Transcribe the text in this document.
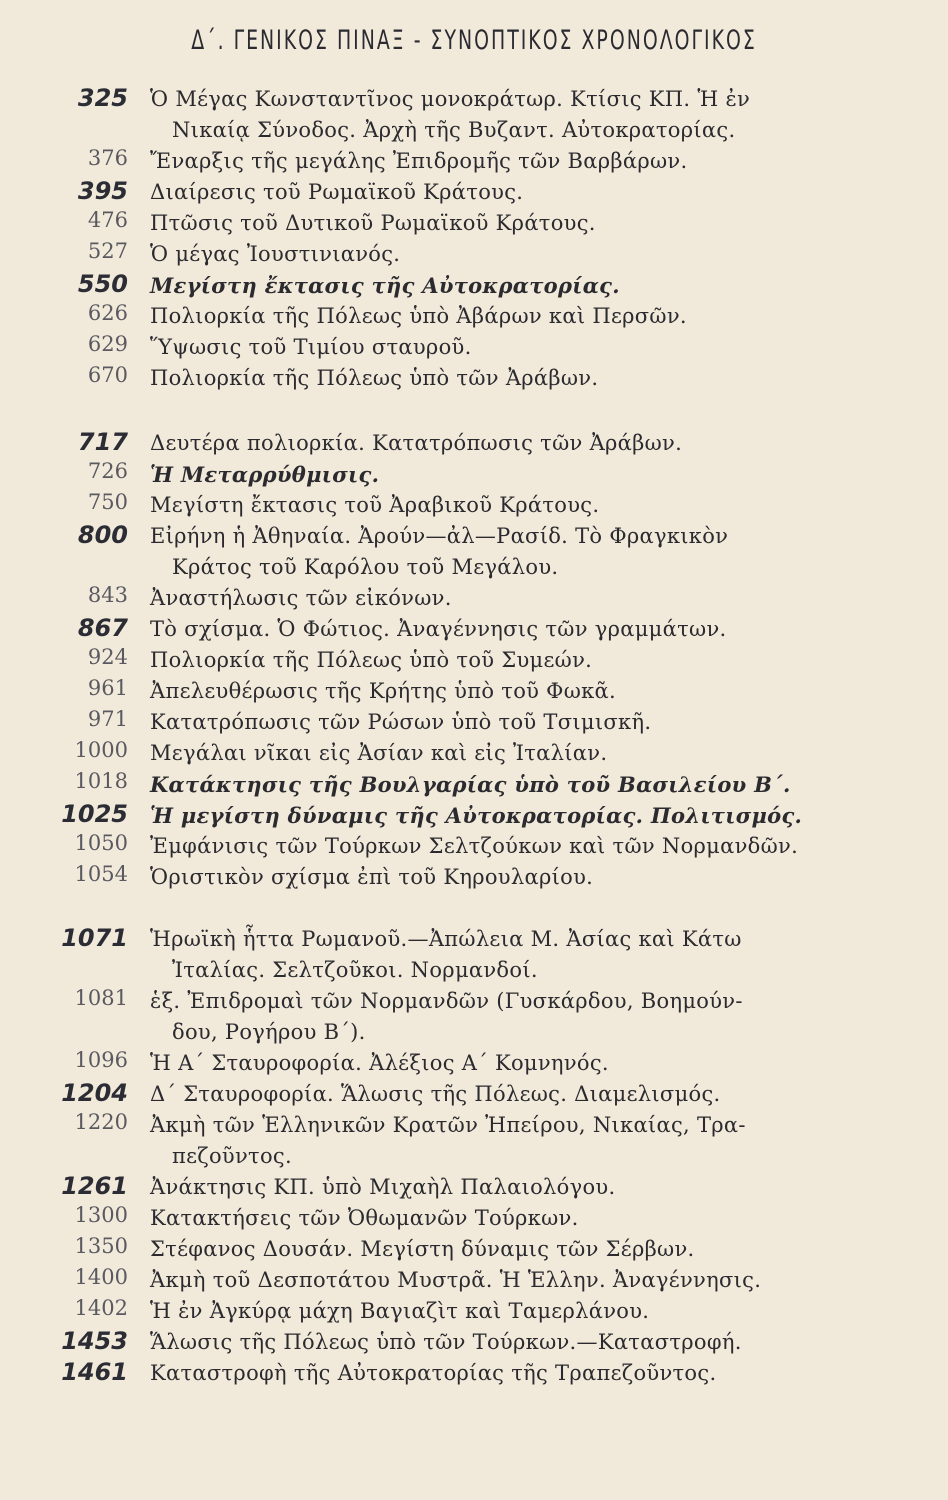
Δ΄. ΓΕΝΙΚΟΣ ΠΙΝΑΞ - ΣΥΝΟΠΤΙΚΟΣ ΧΡΟΝΟΛΟΓΙΚΟΣ
325 Ὁ Μέγας Κωνσταντῖνος μονοκράτωρ. Κτίσις ΚΠ. Ἡ ἐν
Νικαίᾳ Σύνοδος. Ἀρχὴ τῆς Βυζαντ. Αὐτοκρατορίας.
376 Ἔναρξις τῆς μεγάλης Ἐπιδρομῆς τῶν Βαρβάρων.
395 Διαίρεσις τοῦ Ρωμαϊκοῦ Κράτους.
476 Πτῶσις τοῦ Δυτικοῦ Ρωμαϊκοῦ Κράτους.
527 Ὁ μέγας Ἰουστινιανός.
550 Μεγίστη ἔκτασις τῆς Αὐτοκρατορίας.
626 Πολιορκία τῆς Πόλεως ὑπὸ Ἀβάρων καὶ Περσῶν.
629 Ὕψωσις τοῦ Τιμίου σταυροῦ.
670 Πολιορκία τῆς Πόλεως ὑπὸ τῶν Ἀράβων.
717 Δευτέρα πολιορκία. Κατατρόπωσις τῶν Ἀράβων.
726 Ἡ Μεταρρύθμισις.
750 Μεγίστη ἔκτασις τοῦ Ἀραβικοῦ Κράτους.
800 Εἰρήνη ἡ Ἀθηναία. Ἀρούν—ἀλ—Ρασίδ. Τὸ Φραγκικὸν
Κράτος τοῦ Καρόλου τοῦ Μεγάλου.
843 Ἀναστήλωσις τῶν εἰκόνων.
867 Τὸ σχίσμα. Ὁ Φώτιος. Ἀναγέννησις τῶν γραμμάτων.
924 Πολιορκία τῆς Πόλεως ὑπὸ τοῦ Συμεών.
961 Ἀπελευθέρωσις τῆς Κρήτης ὑπὸ τοῦ Φωκᾶ.
971 Κατατρόπωσις τῶν Ρώσων ὑπὸ τοῦ Τσιμισκῆ.
1000 Μεγάλαι νῖκαι εἰς Ἀσίαν καὶ εἰς Ἰταλίαν.
1018 Κατάκτησις τῆς Βουλγαρίας ὑπὸ τοῦ Βασιλείου Β΄.
1025 Ἡ μεγίστη δύναμις τῆς Αὐτοκρατορίας. Πολιτισμός.
1050 Ἐμφάνισις τῶν Τούρκων Σελτζούκων καὶ τῶν Νορμανδῶν.
1054 Ὁριστικὸν σχίσμα ἐπὶ τοῦ Κηρουλαρίου.
1071 Ἡρωϊκὴ ἧττα Ρωμανοῦ.—Ἀπώλεια Μ. Ἀσίας καὶ Κάτω
Ἰταλίας. Σελτζοῦκοι. Νορμανδοί.
1081 ἑξ. Ἐπιδρομαὶ τῶν Νορμανδῶν (Γυσκάρδου, Βοημούν-
δου, Ρογήρου Β΄).
1096 Ἡ Α΄ Σταυροφορία. Ἀλέξιος Α΄ Κομνηνός.
1204 Δ΄ Σταυροφορία. Ἅλωσις τῆς Πόλεως. Διαμελισμός.
1220 Ἀκμὴ τῶν Ἑλληνικῶν Κρατῶν Ἠπείρου, Νικαίας, Τρα-
πεζοῦντος.
1261 Ἀνάκτησις ΚΠ. ὑπὸ Μιχαὴλ Παλαιολόγου.
1300 Κατακτήσεις τῶν Ὀθωμανῶν Τούρκων.
1350 Στέφανος Δουσάν. Μεγίστη δύναμις τῶν Σέρβων.
1400 Ἀκμὴ τοῦ Δεσποτάτου Μυστρᾶ. Ἡ Ἑλλην. Ἀναγέννησις.
1402 Ἡ ἐν Ἀγκύρᾳ μάχη Βαγιαζὶτ καὶ Ταμερλάνου.
1453 Ἅλωσις τῆς Πόλεως ὑπὸ τῶν Τούρκων.—Καταστροφή.
1461 Καταστροφὴ τῆς Αὐτοκρατορίας τῆς Τραπεζοῦντος.
